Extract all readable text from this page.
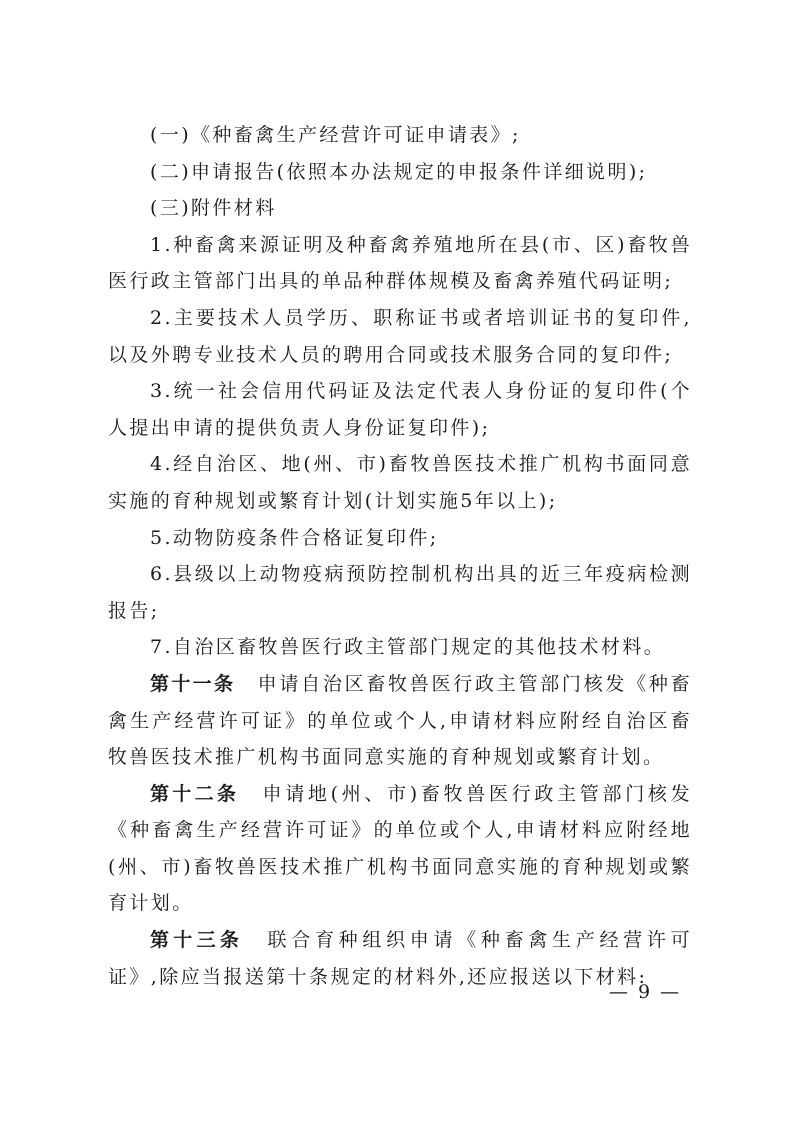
(一)《种畜禽生产经营许可证申请表》;

(二)申请报告(依照本办法规定的申报条件详细说明);

(三)附件材料

1.种畜禽来源证明及种畜禽养殖地所在县(市、区)畜牧兽医行政主管部门出具的单品种群体规模及畜禽养殖代码证明;

2.主要技术人员学历、职称证书或者培训证书的复印件,以及外聘专业技术人员的聘用合同或技术服务合同的复印件;

3.统一社会信用代码证及法定代表人身份证的复印件(个人提出申请的提供负责人身份证复印件);

4.经自治区、地(州、市)畜牧兽医技术推广机构书面同意实施的育种规划或繁育计划(计划实施5年以上);

5.动物防疫条件合格证复印件;

6.县级以上动物疫病预防控制机构出具的近三年疫病检测报告;

7.自治区畜牧兽医行政主管部门规定的其他技术材料。

第十一条 申请自治区畜牧兽医行政主管部门核发《种畜禽生产经营许可证》的单位或个人,申请材料应附经自治区畜牧兽医技术推广机构书面同意实施的育种规划或繁育计划。

第十二条 申请地(州、市)畜牧兽医行政主管部门核发《种畜禽生产经营许可证》的单位或个人,申请材料应附经地(州、市)畜牧兽医技术推广机构书面同意实施的育种规划或繁育计划。

第十三条 联合育种组织申请《种畜禽生产经营许可证》,除应当报送第十条规定的材料外,还应报送以下材料:

— 9 —
